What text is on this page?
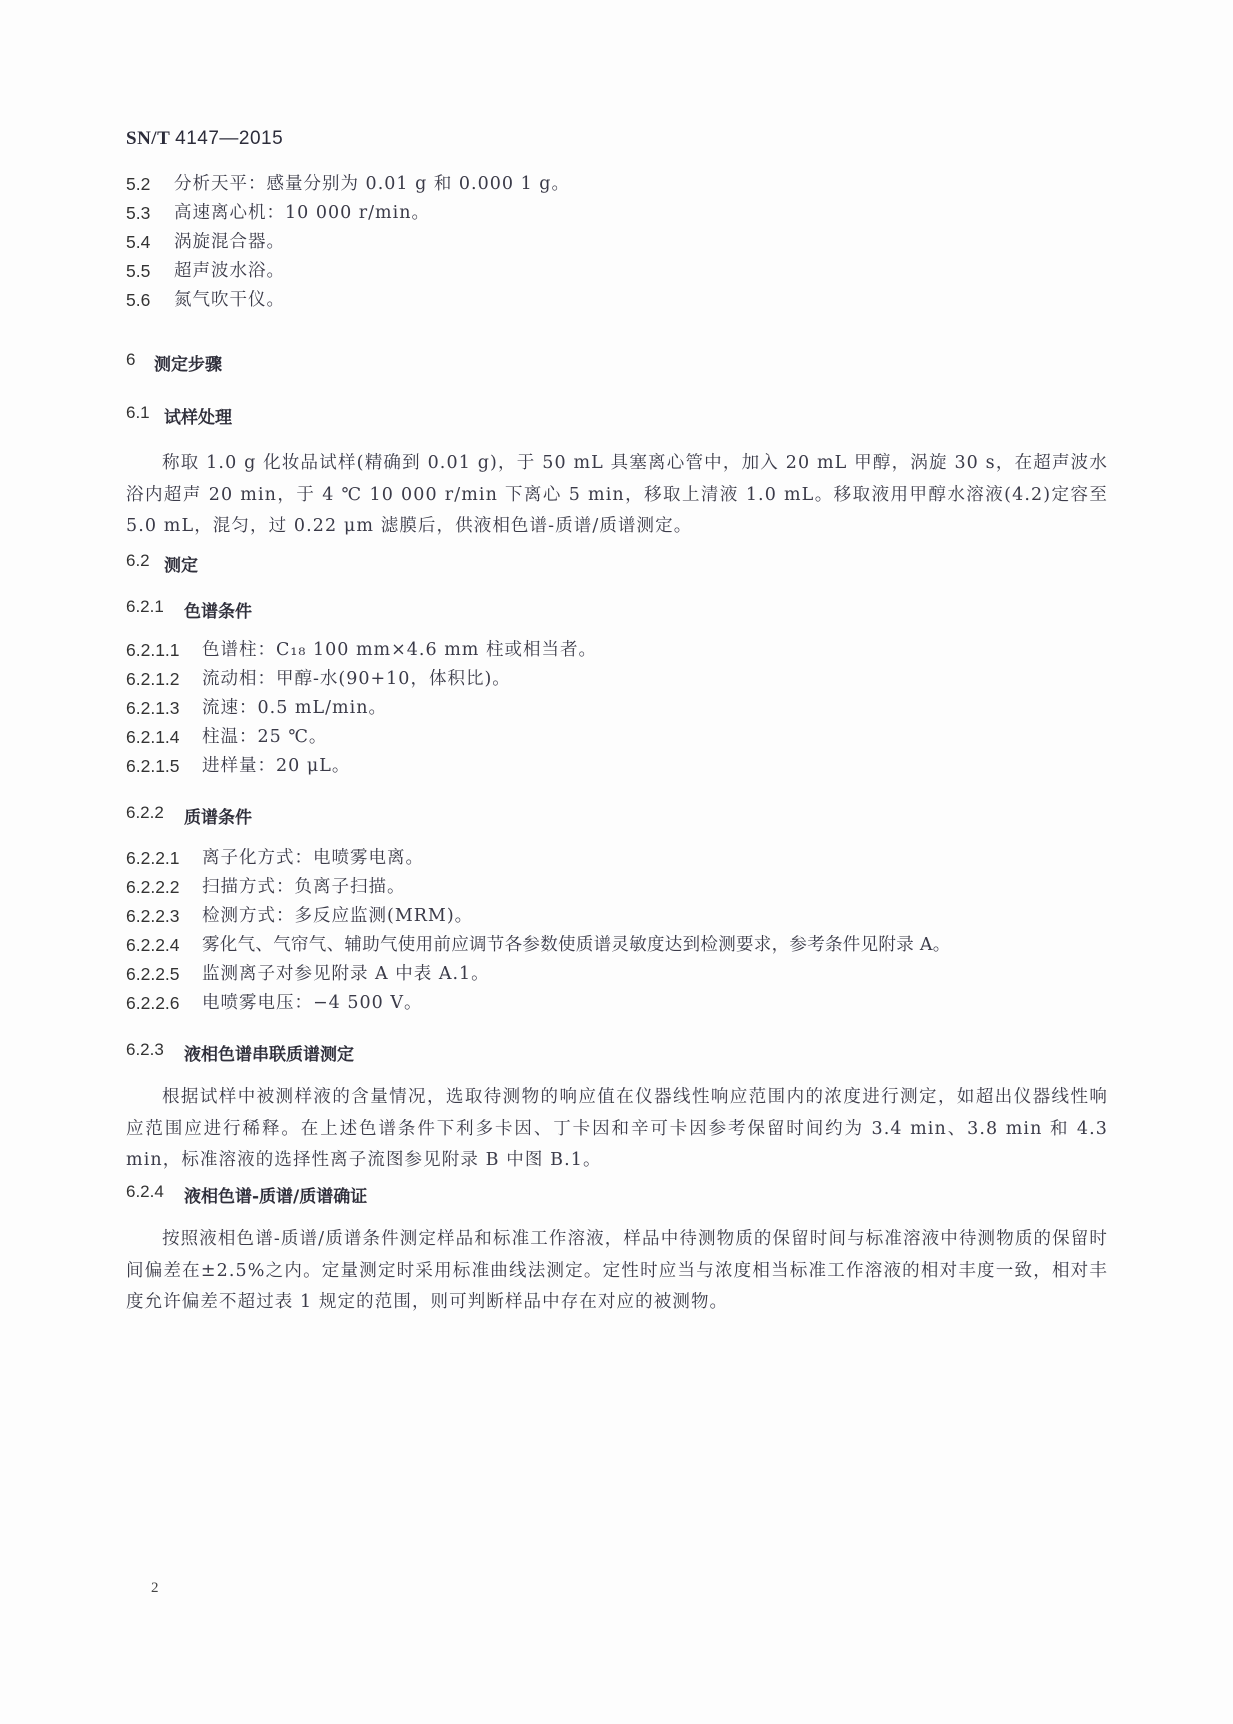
SN/T 4147—2015
5.2	分析天平：感量分别为 0.01 g 和 0.000 1 g。
5.3	高速离心机：10 000 r/min。
5.4	涡旋混合器。
5.5	超声波水浴。
5.6	氮气吹干仪。
6	测定步骤
6.1 试样处理
称取 1.0 g 化妆品试样(精确到 0.01 g)，于 50 mL 具塞离心管中，加入 20 mL 甲醇，涡旋 30 s，在超声波水浴内超声 20 min，于 4 ℃ 10 000 r/min 下离心 5 min，移取上清液 1.0 mL。移取液用甲醇水溶液(4.2)定容至 5.0 mL，混匀，过 0.22 μm 滤膜后，供液相色谱-质谱/质谱测定。
6.2 测定
6.2.1	色谱条件
6.2.1.1	色谱柱：C₁₈ 100 mm×4.6 mm 柱或相当者。
6.2.1.2	流动相：甲醇-水(90+10，体积比)。
6.2.1.3	流速：0.5 mL/min。
6.2.1.4	柱温：25 ℃。
6.2.1.5	进样量：20 μL。
6.2.2	质谱条件
6.2.2.1	离子化方式：电喷雾电离。
6.2.2.2	扫描方式：负离子扫描。
6.2.2.3	检测方式：多反应监测(MRM)。
6.2.2.4	雾化气、气帘气、辅助气使用前应调节各参数使质谱灵敏度达到检测要求，参考条件见附录 A。
6.2.2.5	监测离子对参见附录 A 中表 A.1。
6.2.2.6	电喷雾电压：−4 500 V。
6.2.3	液相色谱串联质谱测定
根据试样中被测样液的含量情况，选取待测物的响应值在仪器线性响应范围内的浓度进行测定，如超出仪器线性响应范围应进行稀释。在上述色谱条件下利多卡因、丁卡因和辛可卡因参考保留时间约为 3.4 min、3.8 min 和 4.3 min，标准溶液的选择性离子流图参见附录 B 中图 B.1。
6.2.4	液相色谱-质谱/质谱确证
按照液相色谱-质谱/质谱条件测定样品和标准工作溶液，样品中待测物质的保留时间与标准溶液中待测物质的保留时间偏差在±2.5%之内。定量测定时采用标准曲线法测定。定性时应当与浓度相当标准工作溶液的相对丰度一致，相对丰度允许偏差不超过表 1 规定的范围，则可判断样品中存在对应的被测物。
2
